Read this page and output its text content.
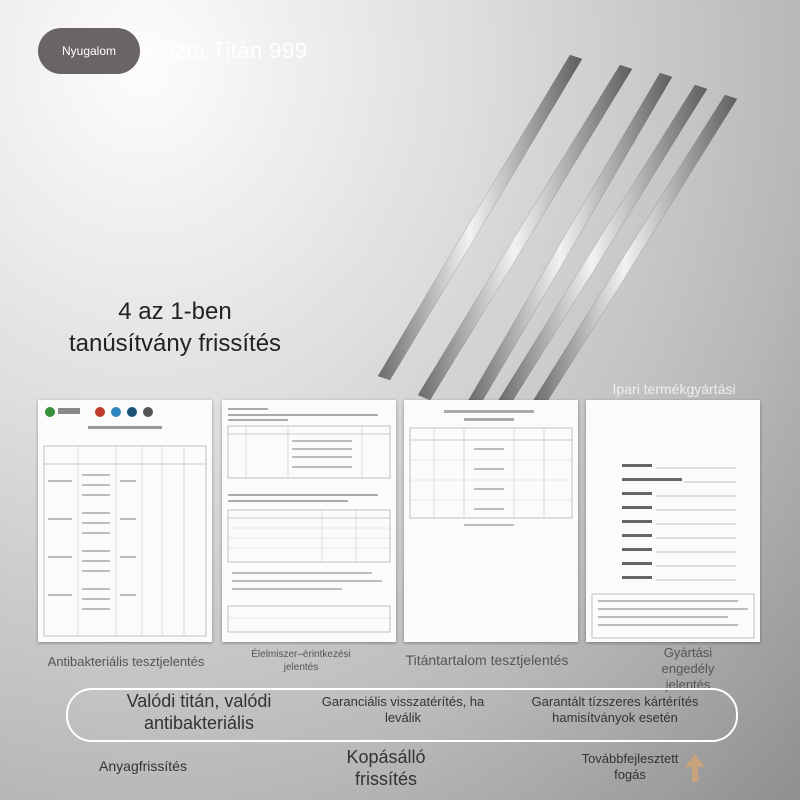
Nyugalom	Tiszta Titán 999
4 az 1-ben
tanúsítvány frissítés
Ipari termékgyártási engedély éves önellenőrzési jelentés
Antibakteriális tesztjelentés	Élelmiszer–érintkezési jelentés	Titántartalom tesztjelentés	Gyártási engedély jelentés
Valódi titán, valódi antibakteriális
Garanciális visszatérítés, ha leválik
Garantált tízszeres kártérítés hamisítványok esetén
Anyagfrissítés	Kopásálló frissítés
Továbbfejlesztett fogás
